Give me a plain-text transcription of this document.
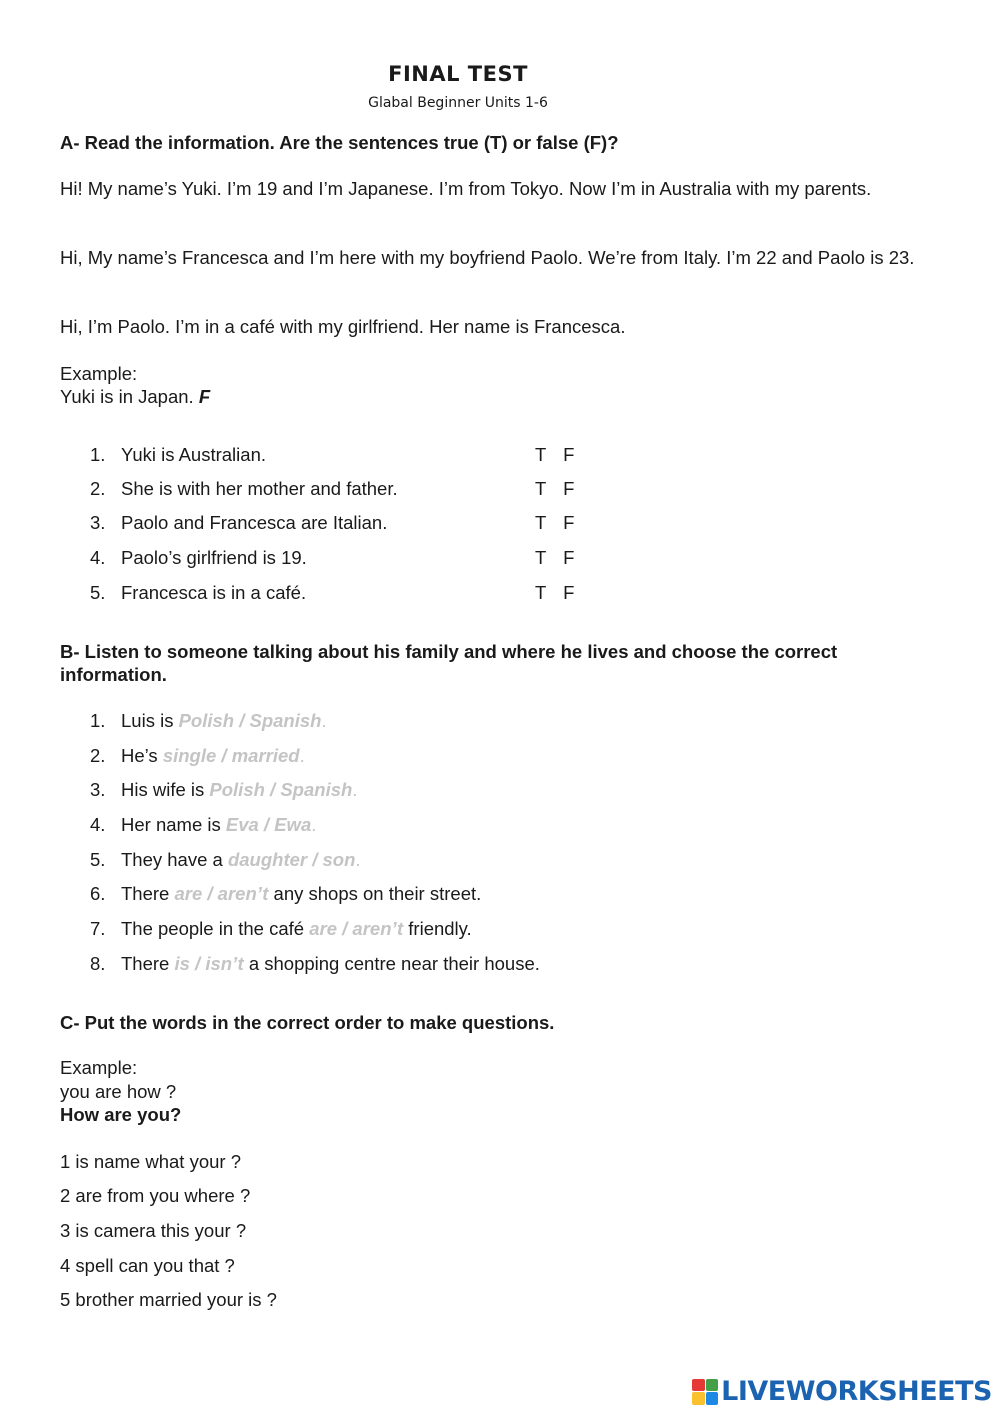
FINAL TEST
Glabal Beginner Units 1-6
A- Read the information. Are the sentences true (T) or false (F)?
Hi! My name’s Yuki. I’m 19 and I’m Japanese. I’m from Tokyo. Now I’m in Australia with my parents.
Hi, My name’s Francesca and I’m here with my boyfriend Paolo. We’re from Italy. I’m 22 and Paolo is 23.
Hi, I’m Paolo. I’m in a café with my girlfriend. Her name is Francesca.
Example:
Yuki is in Japan. F
1. Yuki is Australian.	T F
2. She is with her mother and father.	T F
3. Paolo and Francesca are Italian.	T F
4. Paolo’s girlfriend is 19.	T F
5. Francesca is in a café.	T F
B- Listen to someone talking about his family and where he lives and choose the correct information.
1. Luis is Polish / Spanish.
2. He’s single / married.
3. His wife is Polish / Spanish.
4. Her name is Eva / Ewa.
5. They have a daughter / son.
6. There are / aren’t any shops on their street.
7. The people in the café are / aren’t friendly.
8. There is / isn’t a shopping centre near their house.
C- Put the words in the correct order to make questions.
Example:
you are how ?
How are you?
1 is name what your ?
2 are from you where ?
3 is camera this your ?
4 spell can you that ?
5 brother married your is ?
LIVEWORKSHEETS
